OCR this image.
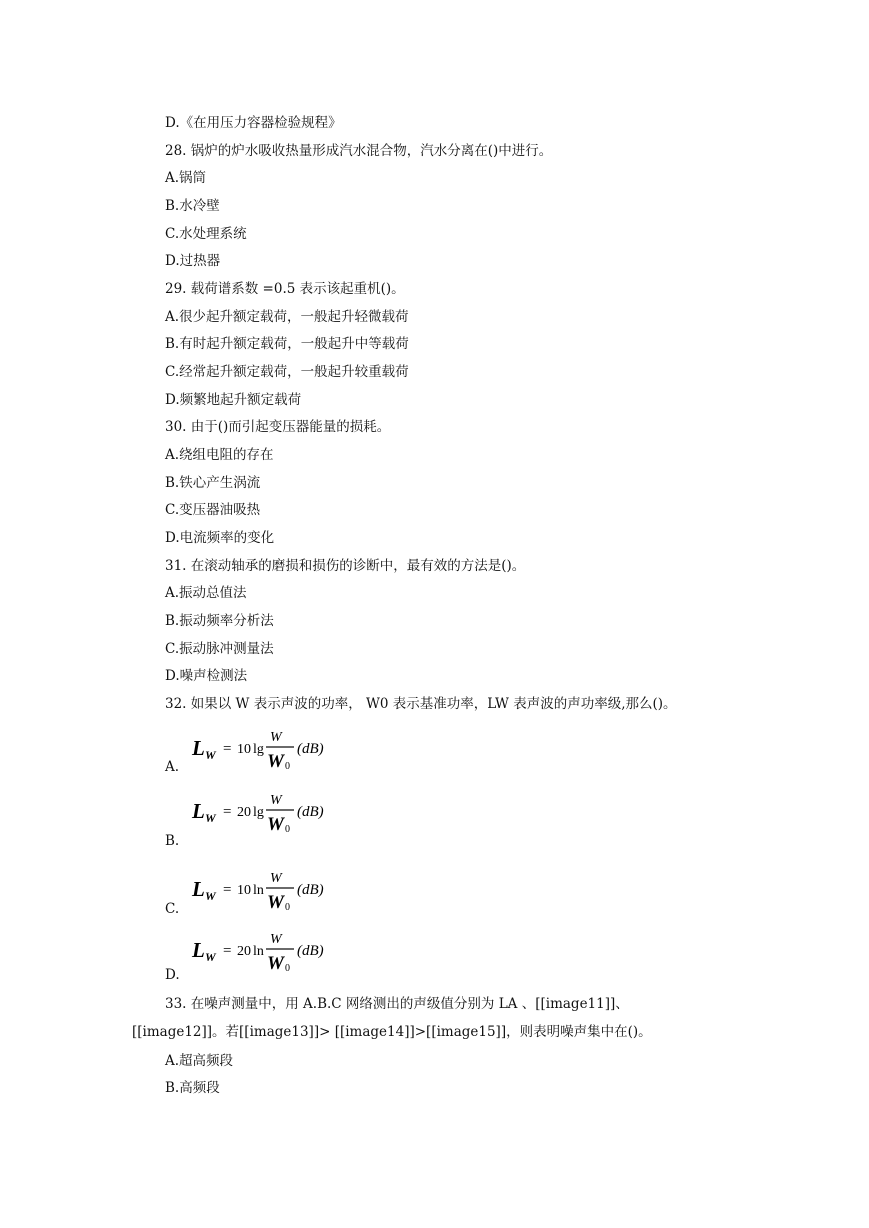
D.《在用压力容器检验规程》
28. 锅炉的炉水吸收热量形成汽水混合物，汽水分离在()中进行。
A.锅筒
B.水冷壁
C.水处理系统
D.过热器
29. 载荷谱系数 =0.5 表示该起重机()。
A.很少起升额定载荷，一般起升轻微载荷
B.有时起升额定载荷，一般起升中等载荷
C.经常起升额定载荷，一般起升较重载荷
D.频繁地起升额定载荷
30. 由于()而引起变压器能量的损耗。
A.绕组电阻的存在
B.铁心产生涡流
C.变压器油吸热
D.电流频率的变化
31. 在滚动轴承的磨损和损伤的诊断中，最有效的方法是()。
A.振动总值法
B.振动频率分析法
C.振动脉冲测量法
D.噪声检测法
32. 如果以 W 表示声波的功率， W0 表示基准功率，LW 表声波的声功率级,那么()。
A.
L W = 10 lg
W
W 0
(dB)
B.
L W = 20 lg
W
W 0
(dB)
C.
L W = 10 ln
W
W 0
(dB)
D.
L W = 20 ln
W
W 0
(dB)
33. 在噪声测量中，用 A.B.C 网络测出的声级值分别为 LA 、[[image11]]、
[[image12]]。若[[image13]]> [[image14]]>[[image15]]，则表明噪声集中在()。
A.超高频段
B.高频段
